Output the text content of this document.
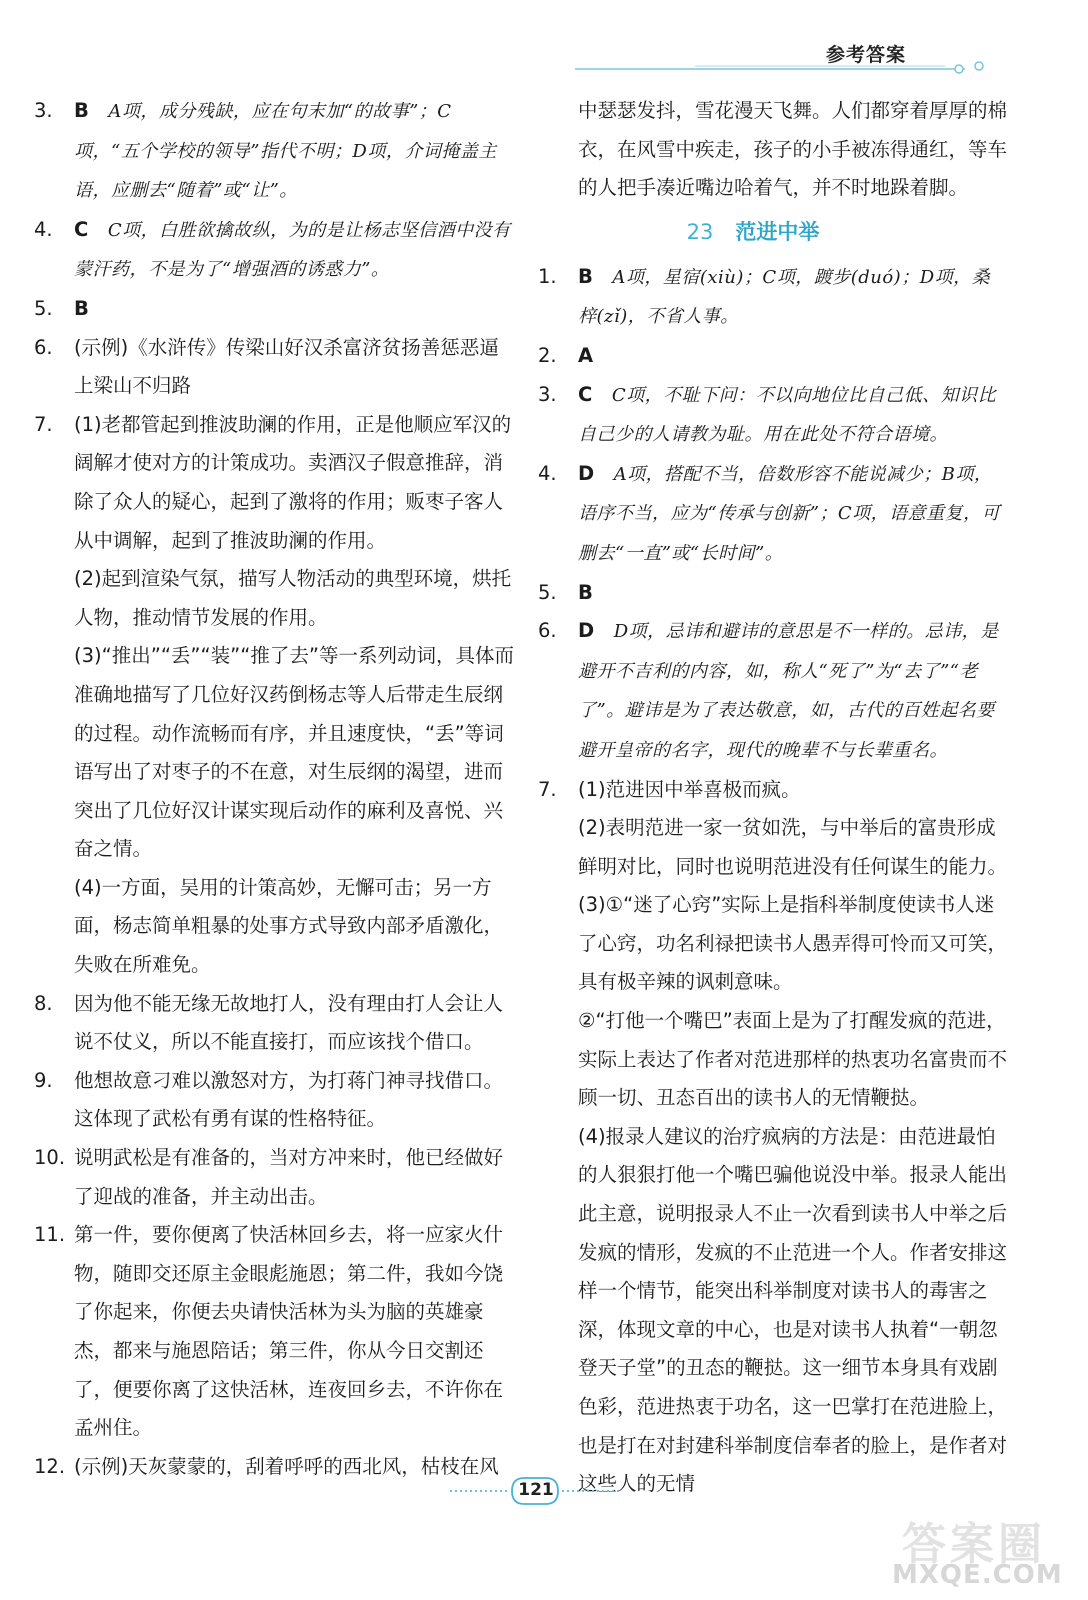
参考答案
3. B  A项，成分残缺，应在句末加“的故事”；C项，“五个学校的领导”指代不明；D项，介词掩盖主语，应删去“随着”或“让”。
4. C  C项，白胜欲擒故纵，为的是让杨志坚信酒中没有蒙汗药，不是为了“增强酒的诱惑力”。
5. B 
6. (示例)《水浒传》传梁山好汉杀富济贫扬善惩恶逼上梁山不归路
7. (1)老都管起到推波助澜的作用，正是他顺应军汉的阔解才使对方的计策成功。卖酒汉子假意推辞，消除了众人的疑心，起到了激将的作用；贩枣子客人从中调解，起到了推波助澜的作用。
(2)起到渲染气氛，描写人物活动的典型环境，烘托人物，推动情节发展的作用。
(3)“推出”“丢”“装”“推了去”等一系列动词，具体而准确地描写了几位好汉药倒杨志等人后带走生辰纲的过程。动作流畅而有序，并且速度快，“丢”等词语写出了对枣子的不在意，对生辰纲的渴望，进而突出了几位好汉计谋实现后动作的麻利及喜悦、兴奋之情。
(4)一方面，吴用的计策高妙，无懈可击；另一方面，杨志简单粗暴的处事方式导致内部矛盾激化，失败在所难免。
8. 因为他不能无缘无故地打人，没有理由打人会让人说不仗义，所以不能直接打，而应该找个借口。
9. 他想故意刁难以激怒对方，为打蒋门神寻找借口。这体现了武松有勇有谋的性格特征。
10. 说明武松是有准备的，当对方冲来时，他已经做好了迎战的准备，并主动出击。
11. 第一件，要你便离了快活林回乡去，将一应家火什物，随即交还原主金眼彪施恩；第二件，我如今饶了你起来，你便去央请快活林为头为脑的英雄豪杰，都来与施恩陪话；第三件，你从今日交割还了，便要你离了这快活林，连夜回乡去，不许你在孟州住。
12. (示例)天灰蒙蒙的，刮着呼呼的西北风，枯枝在风
中瑟瑟发抖，雪花漫天飞舞。人们都穿着厚厚的棉衣，在风雪中疾走，孩子的小手被冻得通红，等车的人把手凑近嘴边哈着气，并不时地跺着脚。
23 范进中举
1. B  A项，星宿(xiù)；C项，踱步(duó)；D项，桑梓(zǐ)，不省人事。
2. A 
3. C  C项，不耻下问：不以向地位比自己低、知识比自己少的人请教为耻。用在此处不符合语境。
4. D  A项，搭配不当，倍数形容不能说减少；B项，语序不当，应为“传承与创新”；C项，语意重复，可删去“一直”或“长时间”。
5. B 
6. D  D项，忌讳和避讳的意思是不一样的。忌讳，是避开不吉利的内容，如，称人“死了”为“去了”“老了”。避讳是为了表达敬意，如，古代的百姓起名要避开皇帝的名字，现代的晚辈不与长辈重名。
7. (1)范进因中举喜极而疯。
(2)表明范进一家一贫如洗，与中举后的富贵形成鲜明对比，同时也说明范进没有任何谋生的能力。
(3)①“迷了心窍”实际上是指科举制度使读书人迷了心窍，功名利禄把读书人愚弄得可怜而又可笑，具有极辛辣的讽刺意味。
②“打他一个嘴巴”表面上是为了打醒发疯的范进，实际上表达了作者对范进那样的热衷功名富贵而不顾一切、丑态百出的读书人的无情鞭挞。
(4)报录人建议的治疗疯病的方法是：由范进最怕的人狠狠打他一个嘴巴骗他说没中举。报录人能出此主意，说明报录人不止一次看到读书人中举之后发疯的情形，发疯的不止范进一个人。作者安排这样一个情节，能突出科举制度对读书人的毒害之深，体现文章的中心，也是对读书人执着“一朝忽登天子堂”的丑态的鞭挞。这一细节本身具有戏剧色彩，范进热衷于功名，这一巴掌打在范进脸上，也是打在对封建科举制度信奉者的脸上，是作者对这些人的无情
121
答案圈
MXQE.COM
